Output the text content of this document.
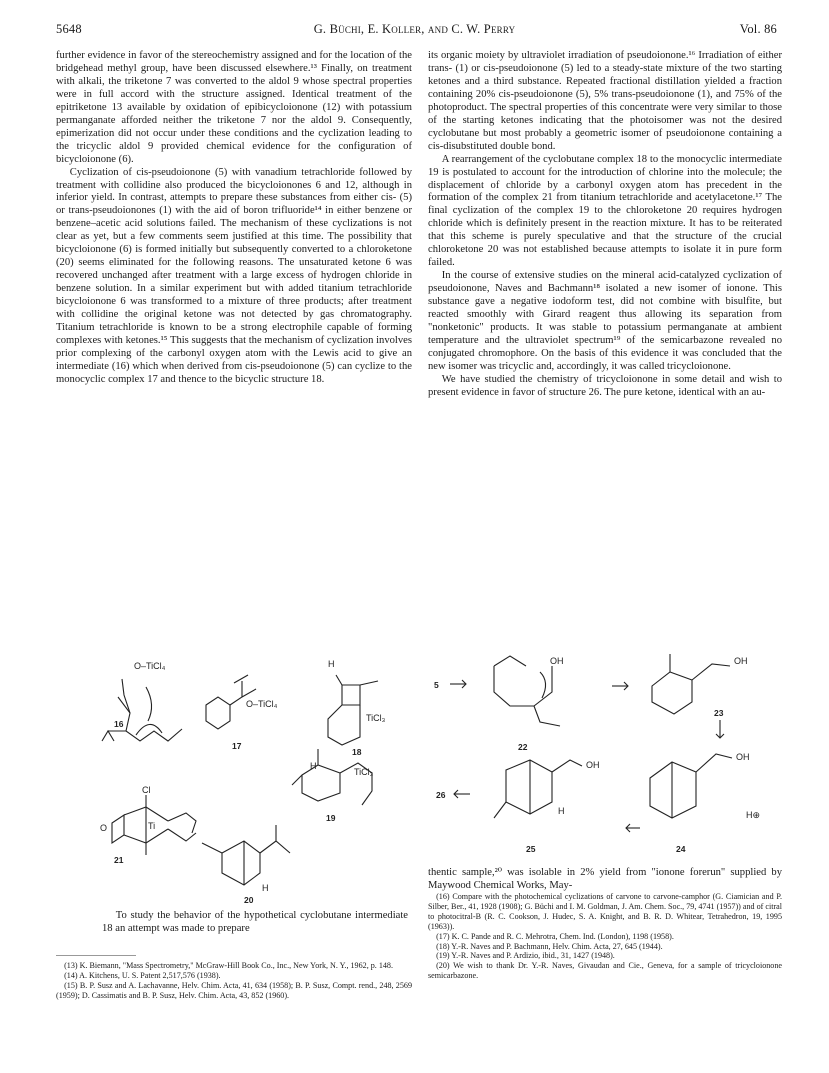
5648	G. Büchi, E. Koller, and C. W. Perry	Vol. 86

further evidence in favor of the stereochemistry assigned and for the location of the bridgehead methyl group, have been discussed elsewhere.¹³ Finally, on treatment with alkali, the triketone 7 was converted to the aldol 9 whose spectral properties were in full accord with the structure assigned. Identical treatment of the epitriketone 13 available by oxidation of epibicycloionone (12) with potassium permanganate afforded neither the triketone 7 nor the aldol 9. Consequently, epimerization did not occur under these conditions and the cyclization leading to the tricyclic aldol 9 provided chemical evidence for the configuration of bicycloionone (6).

Cyclization of cis-pseudoionone (5) with vanadium tetrachloride followed by treatment with collidine also produced the bicycloionones 6 and 12, although in inferior yield. In contrast, attempts to prepare these substances from either cis- (5) or trans-pseudoionones (1) with the aid of boron trifluoride¹⁴ in either benzene or benzene–acetic acid solutions failed. The mechanism of these cyclizations is not clear as yet, but a few comments seem justified at this time. The possibility that bicycloionone (6) is formed initially but subsequently converted to a chloroketone (20) seems eliminated for the following reasons. The unsaturated ketone 6 was recovered unchanged after treatment with a large excess of hydrogen chloride in benzene solution. In a similar experiment but with added titanium tetrachloride bicycloionone 6 was transformed to a mixture of three products; after treatment with collidine the original ketone was not detected by gas chromatography. Titanium tetrachloride is known to be a strong electrophile capable of forming complexes with ketones.¹⁵ This suggests that the mechanism of cyclization involves prior complexing of the carbonyl oxygen atom with the Lewis acid to give an intermediate (16) which when derived from cis-pseudoionone (5) can cyclize to the monocyclic complex 17 and thence to the bicyclic structure 18.

its organic moiety by ultraviolet irradiation of pseudoionone.¹⁶ Irradiation of either trans- (1) or cis-pseudoionone (5) led to a steady-state mixture of the two starting ketones and a third substance. Repeated fractional distillation yielded a fraction containing 20% cis-pseudoionone (5), 5% trans-pseudoionone (1), and 75% of the photoproduct. The spectral properties of this concentrate were very similar to those of the starting ketones indicating that the photoisomer was not the desired cyclobutane but most probably a geometric isomer of pseudoionone containing a cis-disubstituted double bond.

A rearrangement of the cyclobutane complex 18 to the monocyclic intermediate 19 is postulated to account for the introduction of chlorine into the molecule; the displacement of chloride by a carbonyl oxygen atom has precedent in the formation of the complex 21 from titanium tetrachloride and acetylacetone.¹⁷ The final cyclization of the complex 19 to the chloroketone 20 requires hydrogen chloride which is definitely present in the reaction mixture. It has to be reiterated that this scheme is purely speculative and that the structure of the crucial chloroketone 20 was not established because attempts to isolate it in pure form failed.

In the course of extensive studies on the mineral acid-catalyzed cyclization of pseudoionone, Naves and Bachmann¹⁸ isolated a new isomer of ionone. This substance gave a negative iodoform test, did not combine with bisulfite, but reacted smoothly with Girard reagent thus allowing its separation from "nonketonic" products. It was stable to potassium permanganate at ambient temperature and the ultraviolet spectrum¹⁹ of the semicarbazone revealed no conjugated chromophore. On the basis of this evidence it was concluded that the new isomer was tricyclic and, accordingly, it was called tricycloionone.

We have studied the chemistry of tricycloionone in some detail and wish to present evidence in favor of structure 26. The pure ketone, identical with an au-

O–TiCl₄
O–TiCl₄
TiCl₃
H
TiCl₃
H
H
Cl
Ti
O
16
17
18
19
20
21
5
22
23
24
25
26
OH	OH
OH
OH
H	H⊕

To study the behavior of the hypothetical cyclobutane intermediate 18 an attempt was made to prepare

thentic sample,²⁰ was isolable in 2% yield from "ionone forerun" supplied by Maywood Chemical Works, May-

(13) K. Biemann, "Mass Spectrometry," McGraw-Hill Book Co., Inc., New York, N. Y., 1962, p. 148.

(14) A. Kitchens, U. S. Patent 2,517,576 (1938).

(15) B. P. Susz and A. Lachavanne, Helv. Chim. Acta, 41, 634 (1958); B. P. Susz, Compt. rend., 248, 2569 (1959); D. Cassimatis and B. P. Susz, Helv. Chim. Acta, 43, 852 (1960).

(16) Compare with the photochemical cyclizations of carvone to carvone-camphor (G. Ciamician and P. Silber, Ber., 41, 1928 (1908); G. Büchi and I. M. Goldman, J. Am. Chem. Soc., 79, 4741 (1957)) and of citral to photocitral-B (R. C. Cookson, J. Hudec, S. A. Knight, and B. R. D. Whitear, Tetrahedron, 19, 1995 (1963)).

(17) K. C. Pande and R. C. Mehrotra, Chem. Ind. (London), 1198 (1958).

(18) Y.-R. Naves and P. Bachmann, Helv. Chim. Acta, 27, 645 (1944).

(19) Y.-R. Naves and P. Ardizio, ibid., 31, 1427 (1948).

(20) We wish to thank Dr. Y.-R. Naves, Givaudan and Cie., Geneva, for a sample of tricycloionone semicarbazone.
